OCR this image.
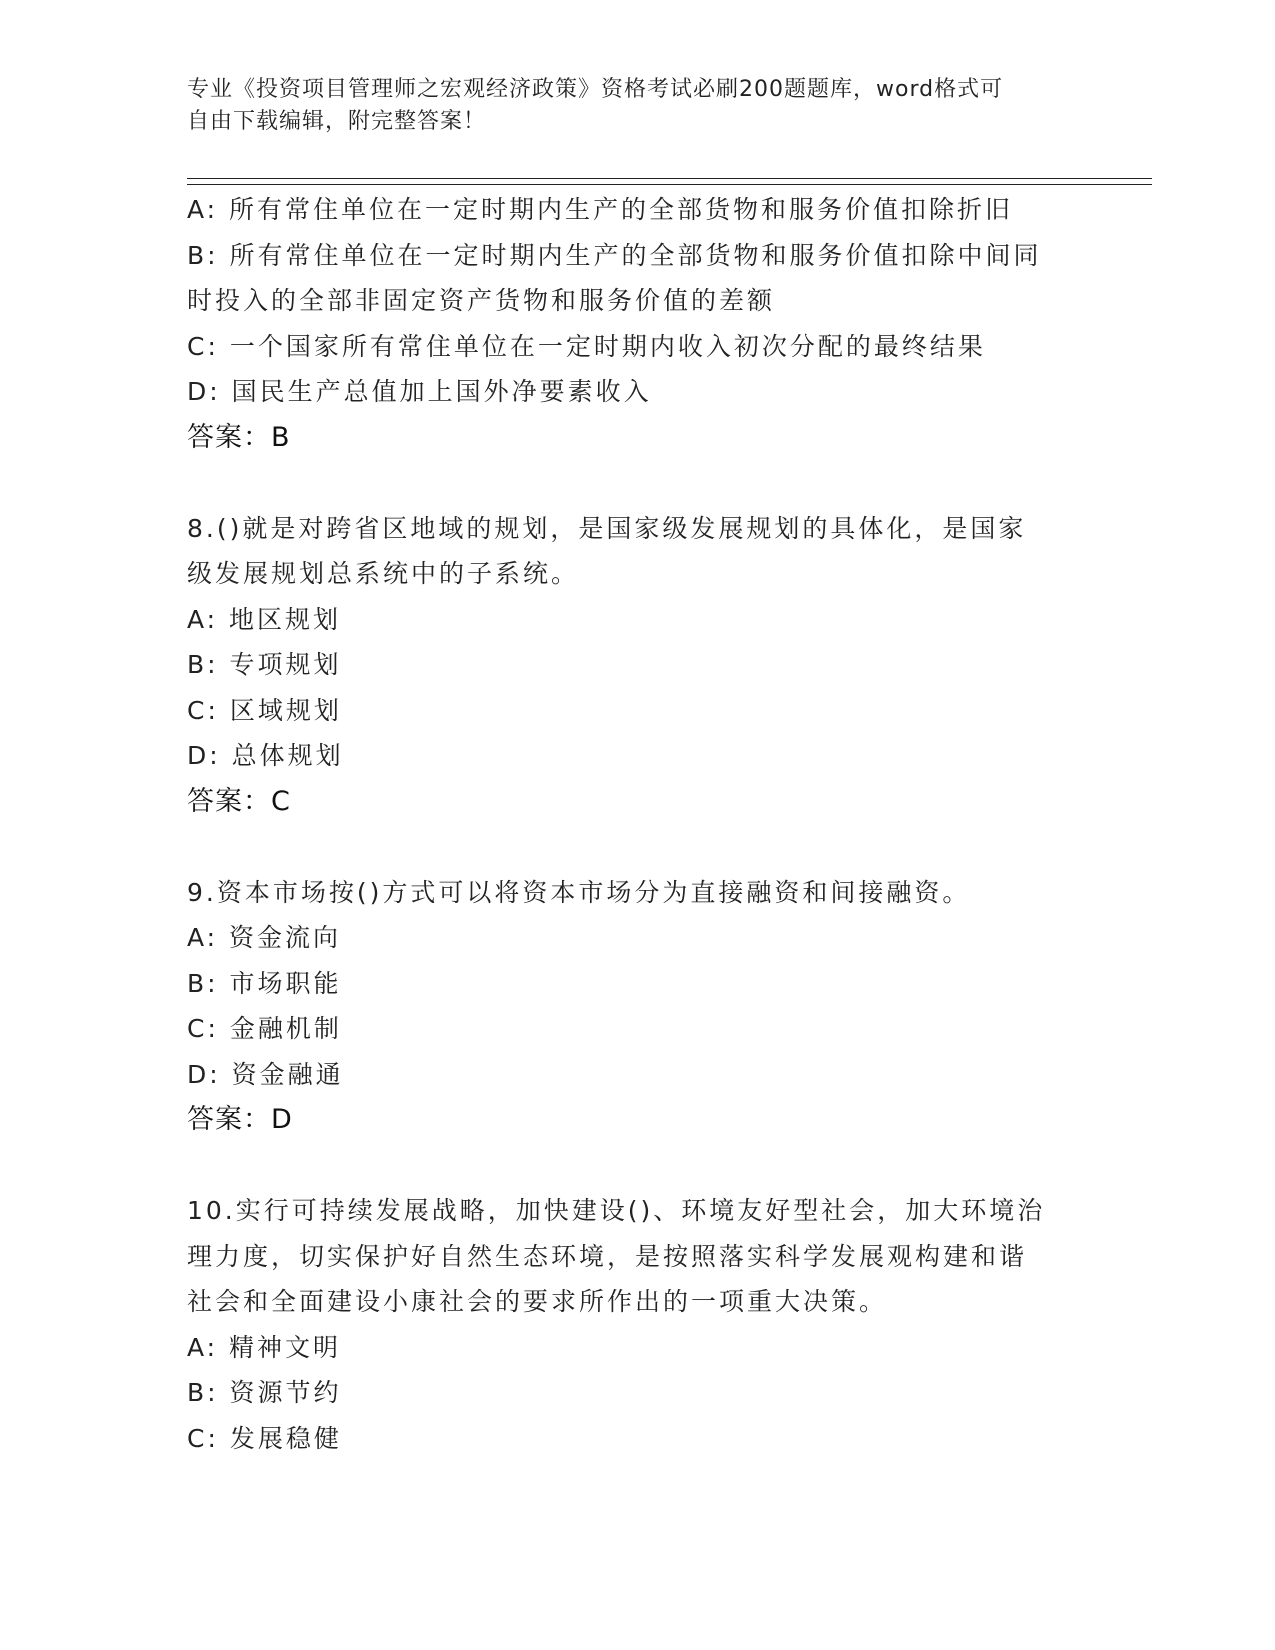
专业《投资项目管理师之宏观经济政策》资格考试必刷200题题库，word格式可
自由下载编辑，附完整答案！
A: 所有常住单位在一定时期内生产的全部货物和服务价值扣除折旧
B: 所有常住单位在一定时期内生产的全部货物和服务价值扣除中间同
时投入的全部非固定资产货物和服务价值的差额
C: 一个国家所有常住单位在一定时期内收入初次分配的最终结果
D: 国民生产总值加上国外净要素收入
答案：B
8.()就是对跨省区地域的规划，是国家级发展规划的具体化，是国家
级发展规划总系统中的子系统。
A: 地区规划
B: 专项规划
C: 区域规划
D: 总体规划
答案：C
9.资本市场按()方式可以将资本市场分为直接融资和间接融资。
A: 资金流向
B: 市场职能
C: 金融机制
D: 资金融通
答案：D
10.实行可持续发展战略，加快建设()、环境友好型社会，加大环境治
理力度，切实保护好自然生态环境，是按照落实科学发展观构建和谐
社会和全面建设小康社会的要求所作出的一项重大决策。
A: 精神文明
B: 资源节约
C: 发展稳健
